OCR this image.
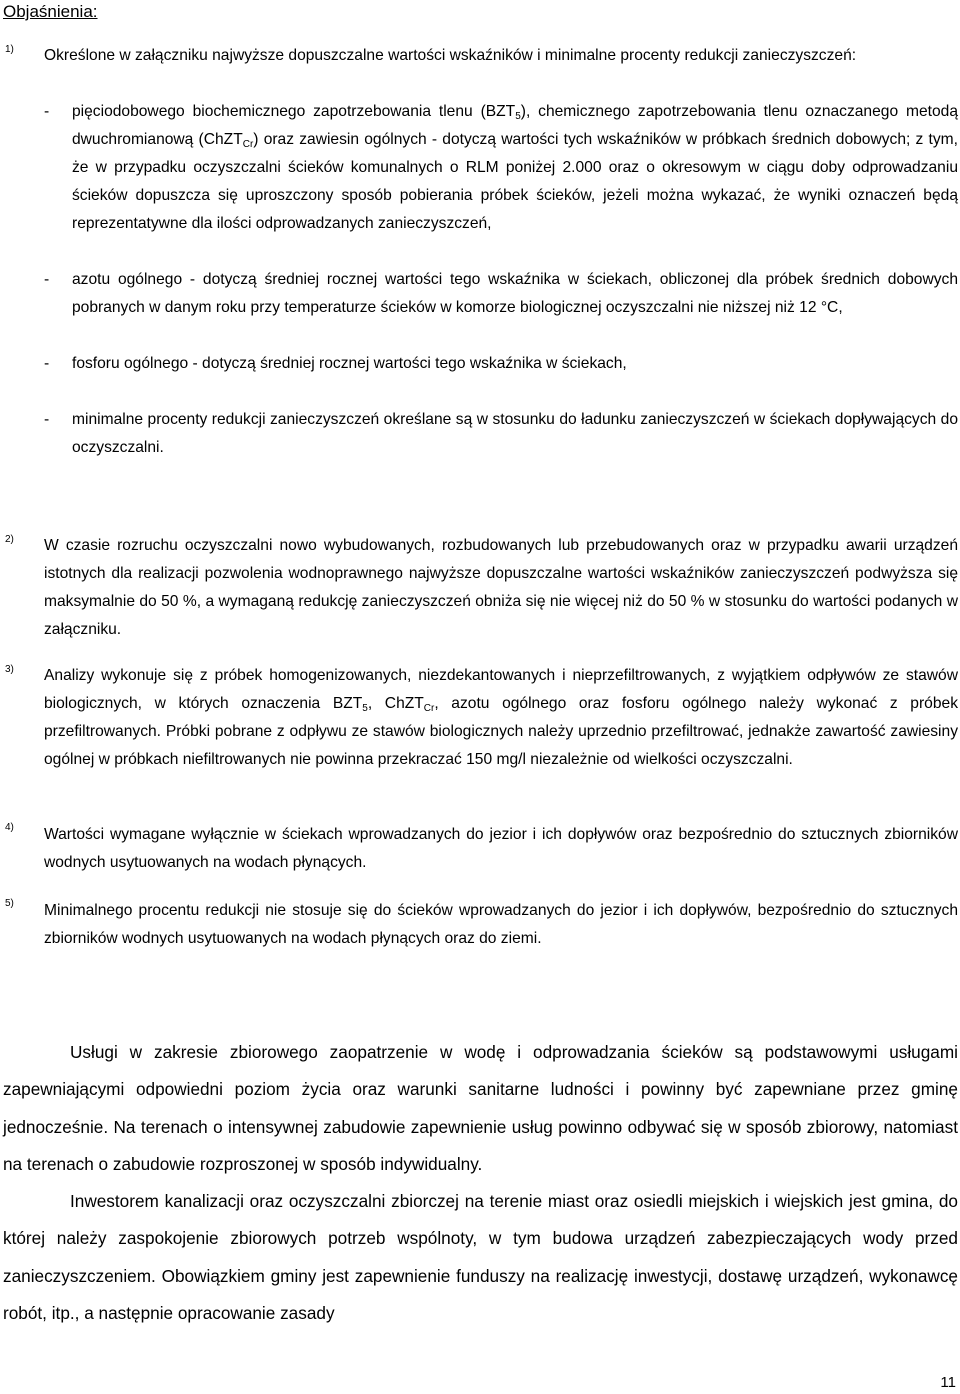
Objaśnienia:
1) Określone w załączniku najwyższe dopuszczalne wartości wskaźników i minimalne procenty redukcji zanieczyszczeń:

- pięciodobowego biochemicznego zapotrzebowania tlenu $(BZT_5)$, chemicznego zapotrzebowania tlenu oznaczanego metodą dwuchromianową (ChZT$_{Cr}$) oraz zawiesin ogólnych - dotyczą wartości tych wskaźników w próbkach średnich dobowych; z tym, że w przypadku oczyszczalni ścieków komunalnych o RLM poniżej 2.000 oraz o okresowym w ciągu doby odprowadzaniu ścieków dopuszcza się uproszczony sposób pobierania próbek ścieków, jeżeli można wykazać, że wyniki oznaczeń będą reprezentatywne dla ilości odprowadzanych zanieczyszczeń,

- azotu ogólnego - dotyczą średniej rocznej wartości tego wskaźnika w ściekach, obliczonej dla próbek średnich dobowych pobranych w danym roku przy temperaturze ścieków w komorze biologicznej oczyszczalni nie niższej niż 12 °C,

- fosforu ogólnego - dotyczą średniej rocznej wartości tego wskaźnika w ściekach,

- minimalne procenty redukcji zanieczyszczeń określane są w stosunku do ładunku zanieczyszczeń w ściekach dopływających do oczyszczalni.

2) W czasie rozruchu oczyszczalni nowo wybudowanych, rozbudowanych lub przebudowanych oraz w przypadku awarii urządzeń istotnych dla realizacji pozwolenia wodnoprawnego najwyższe dopuszczalne wartości wskaźników zanieczyszczeń podwyższa się maksymalnie do 50 %, a wymaganą redukcję zanieczyszczeń obniża się nie więcej niż do 50 % w stosunku do wartości podanych w załączniku.

3) Analizy wykonuje się z próbek homogenizowanych, niezdekantowanych i nieprzefiltrowanych, z wyjątkiem odpływów ze stawów biologicznych, w których oznaczenia $BZT_5$, ChZT$_{Cr}$, azotu ogólnego oraz fosforu ogólnego należy wykonać z próbek przefiltrowanych. Próbki pobrane z odpływu ze stawów biologicznych należy uprzednio przefiltrować, jednakże zawartość zawiesiny ogólnej w próbkach niefiltrowanych nie powinna przekraczać 150 mg/l niezależnie od wielkości oczyszczalni.

4) Wartości wymagane wyłącznie w ściekach wprowadzanych do jezior i ich dopływów oraz bezpośrednio do sztucznych zbiorników wodnych usytuowanych na wodach płynących.

5) Minimalnego procentu redukcji nie stosuje się do ścieków wprowadzanych do jezior i ich dopływów, bezpośrednio do sztucznych zbiorników wodnych usytuowanych na wodach płynących oraz do ziemi.

Usługi w zakresie zbiorowego zaopatrzenie w wodę i odprowadzania ścieków są podstawowymi usługami zapewniającymi odpowiedni poziom życia oraz warunki sanitarne ludności i powinny być zapewniane przez gminę jednocześnie. Na terenach o intensywnej zabudowie zapewnienie usług powinno odbywać się w sposób zbiorowy, natomiast na terenach o zabudowie rozproszonej w sposób indywidualny.

Inwestorem kanalizacji oraz oczyszczalni zbiorczej na terenie miast oraz osiedli miejskich i wiejskich jest gmina, do której należy zaspokojenie zbiorowych potrzeb wspólnoty, w tym budowa urządzeń zabezpieczających wody przed zanieczyszczeniem. Obowiązkiem gminy jest zapewnienie funduszy na realizację inwestycji, dostawę urządzeń, wykonawcę robót, itp., a następnie opracowanie zasady

11
